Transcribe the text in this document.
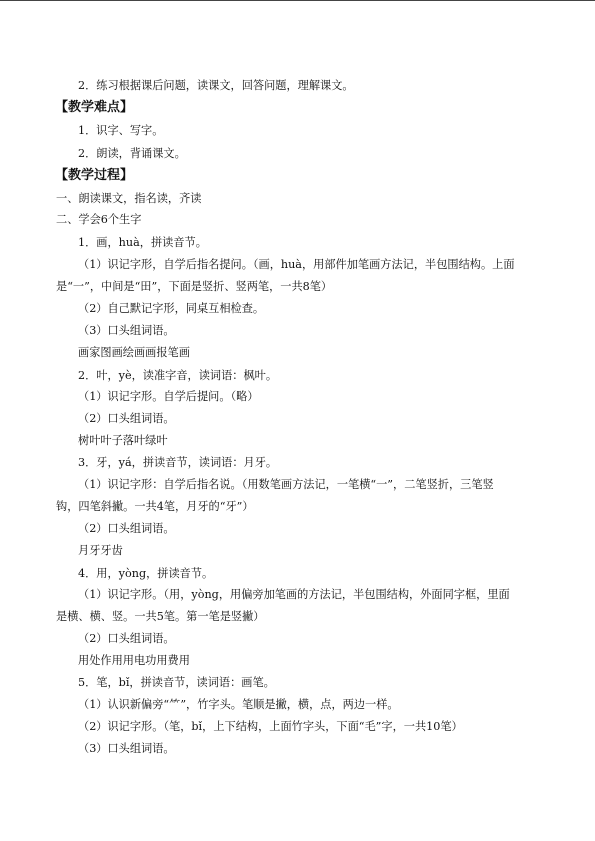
2．练习根据课后问题，读课文，回答问题，理解课文。
【教学难点】
1．识字、写字。
2．朗读，背诵课文。
【教学过程】
一、朗读课文，指名读，齐读
二、学会6个生字
1．画，huà，拼读音节。
（1）识记字形，自学后指名提问。（画，huà，用部件加笔画方法记，半包围结构。上面
是“一”，中间是“田”，下面是竖折、竖两笔，一共8笔）
（2）自己默记字形，同桌互相检查。
（3）口头组词语。
画家图画绘画画报笔画
2．叶，yè，读准字音，读词语：枫叶。
（1）识记字形。自学后提问。（略）
（2）口头组词语。
树叶叶子落叶绿叶
3．牙，yá，拼读音节，读词语：月牙。
（1）识记字形：自学后指名说。（用数笔画方法记，一笔横“一”，二笔竖折，三笔竖
钩，四笔斜撇。一共4笔，月牙的“牙”）
（2）口头组词语。
月牙牙齿
4．用，yòng，拼读音节。
（1）识记字形。（用，yòng，用偏旁加笔画的方法记，半包围结构，外面同字框，里面
是横、横、竖。一共5笔。第一笔是竖撇）
（2）口头组词语。
用处作用用电功用费用
5．笔，bǐ，拼读音节，读词语：画笔。
（1）认识新偏旁“⺮”，竹字头。笔顺是撇，横，点，两边一样。
（2）识记字形。（笔，bǐ，上下结构，上面竹字头，下面“毛”字，一共10笔）
（3）口头组词语。
